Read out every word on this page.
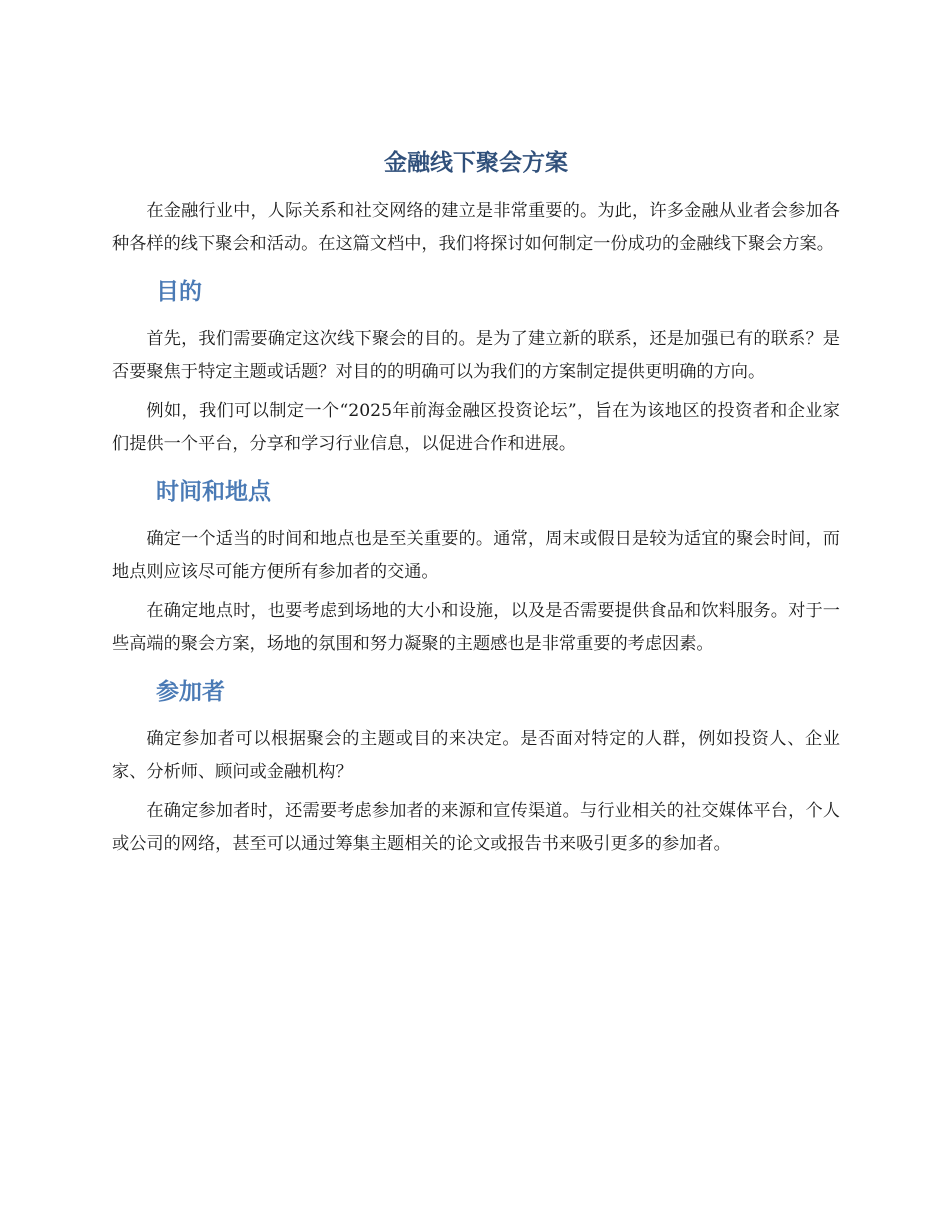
金融线下聚会方案

在金融行业中，人际关系和社交网络的建立是非常重要的。为此，许多金融从业者会参加各种各样的线下聚会和活动。在这篇文档中，我们将探讨如何制定一份成功的金融线下聚会方案。

目的

首先，我们需要确定这次线下聚会的目的。是为了建立新的联系，还是加强已有的联系？是否要聚焦于特定主题或话题？对目的的明确可以为我们的方案制定提供更明确的方向。

例如，我们可以制定一个“2025年前海金融区投资论坛”，旨在为该地区的投资者和企业家们提供一个平台，分享和学习行业信息，以促进合作和进展。

时间和地点

确定一个适当的时间和地点也是至关重要的。通常，周末或假日是较为适宜的聚会时间，而地点则应该尽可能方便所有参加者的交通。

在确定地点时，也要考虑到场地的大小和设施，以及是否需要提供食品和饮料服务。对于一些高端的聚会方案，场地的氛围和努力凝聚的主题感也是非常重要的考虑因素。

参加者

确定参加者可以根据聚会的主题或目的来决定。是否面对特定的人群，例如投资人、企业家、分析师、顾问或金融机构？

在确定参加者时，还需要考虑参加者的来源和宣传渠道。与行业相关的社交媒体平台，个人或公司的网络，甚至可以通过筹集主题相关的论文或报告书来吸引更多的参加者。
